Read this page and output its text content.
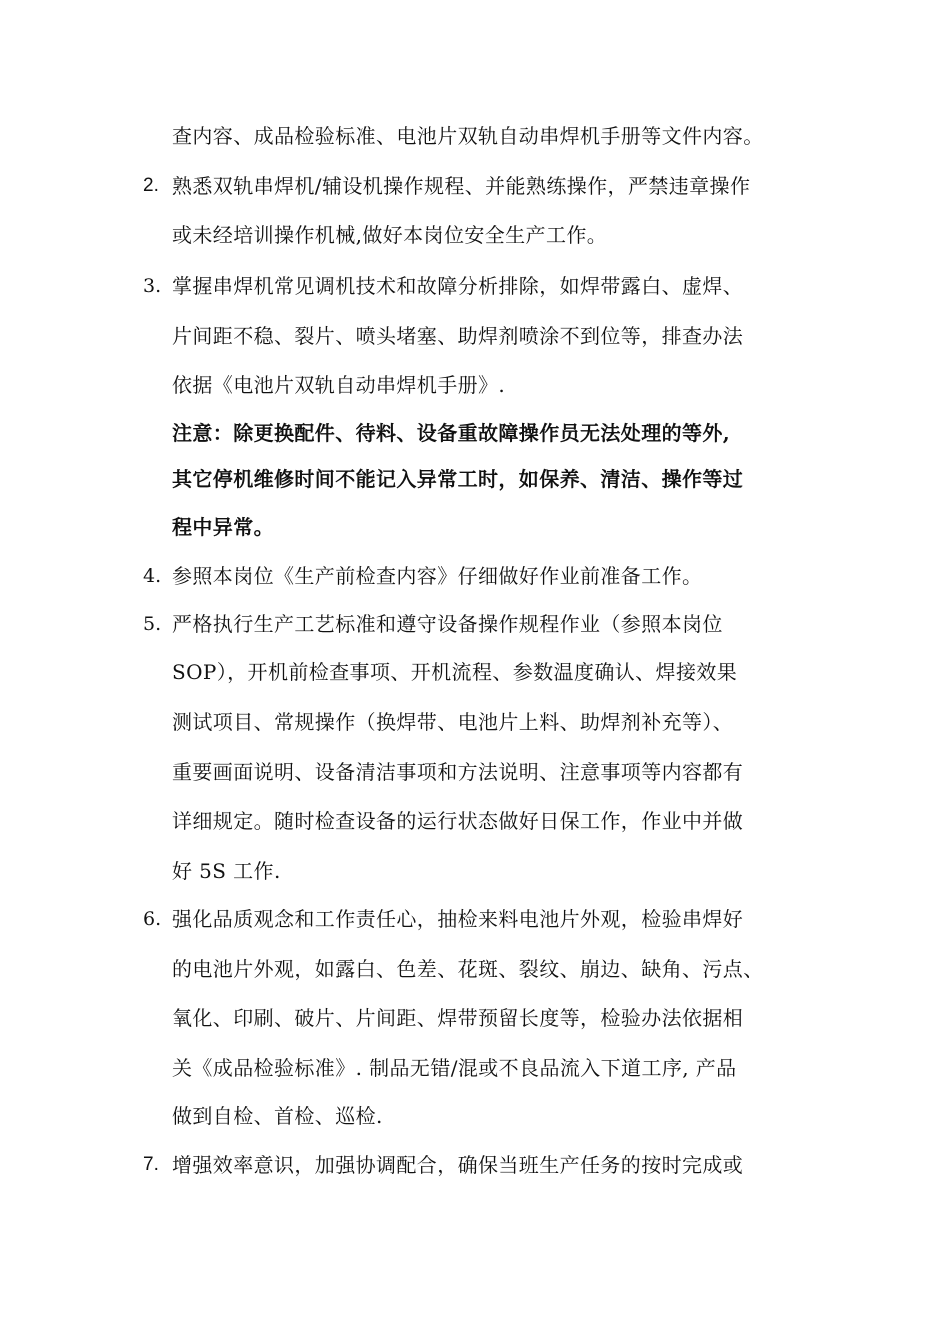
查内容、成品检验标准、电池片双轨自动串焊机手册等文件内容。
2. 熟悉双轨串焊机/辅设机操作规程、并能熟练操作，严禁违章操作
或未经培训操作机械,做好本岗位安全生产工作。
3. 掌握串焊机常见调机技术和故障分析排除，如焊带露白、虚焊、
片间距不稳、裂片、喷头堵塞、助焊剂喷涂不到位等，排查办法
依据《电池片双轨自动串焊机手册》.
注意：除更换配件、待料、设备重故障操作员无法处理的等外,
其它停机维修时间不能记入异常工时，如保养、清洁、操作等过
程中异常。
4. 参照本岗位《生产前检查内容》仔细做好作业前准备工作。
5. 严格执行生产工艺标准和遵守设备操作规程作业（参照本岗位
SOP），开机前检查事项、开机流程、参数温度确认、焊接效果
测试项目、常规操作（换焊带、电池片上料、助焊剂补充等）、
重要画面说明、设备清洁事项和方法说明、注意事项等内容都有
详细规定。随时检查设备的运行状态做好日保工作，作业中并做
好 5S 工作.
6. 强化品质观念和工作责任心，抽检来料电池片外观，检验串焊好
的电池片外观，如露白、色差、花斑、裂纹、崩边、缺角、污点、
氧化、印刷、破片、片间距、焊带预留长度等，检验办法依据相
关《成品检验标准》. 制品无错/混或不良品流入下道工序, 产品
做到自检、首检、巡检.
7. 增强效率意识，加强协调配合，确保当班生产任务的按时完成或
